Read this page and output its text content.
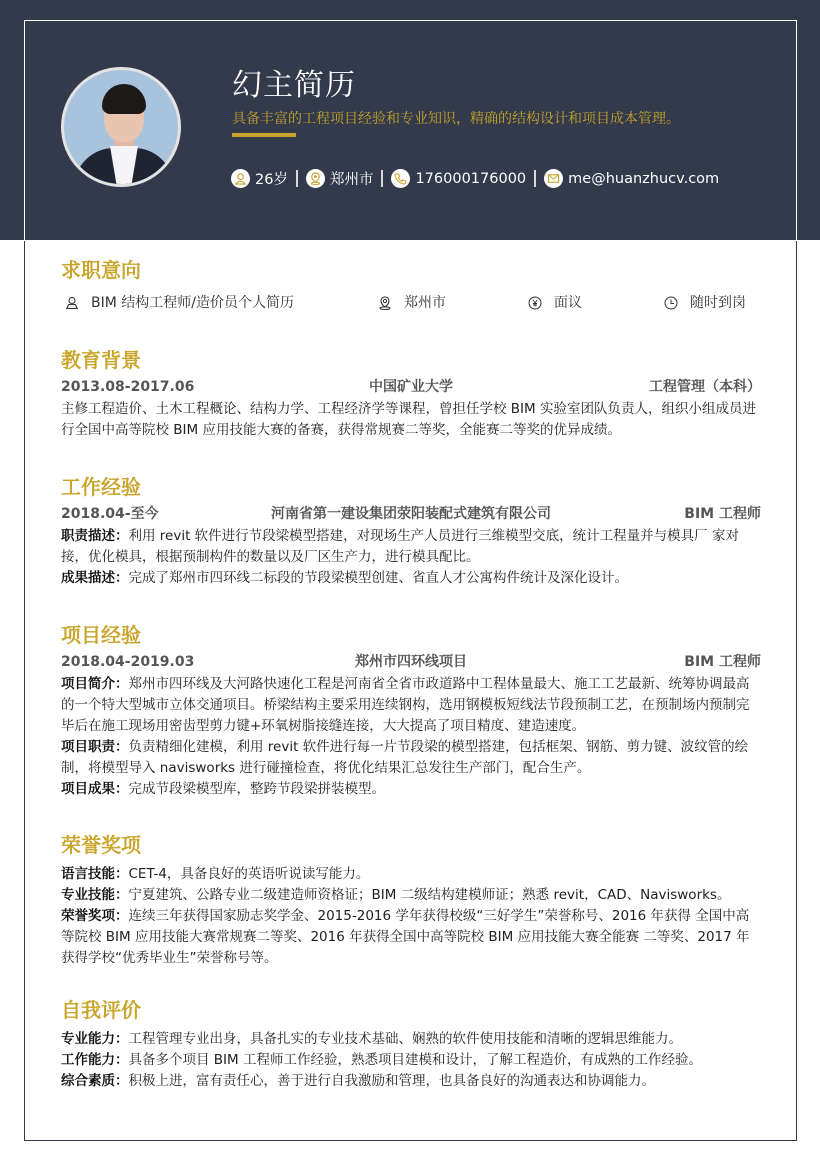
幻主简历
具备丰富的工程项目经验和专业知识，精确的结构设计和项目成本管理。
26岁	郑州市	176000176000	me@huanzhucv.com
求职意向
BIM 结构工程师/造价员个人简历	郑州市	面议	随时到岗
教育背景
2013.08-2017.06	中国矿业大学	工程管理（本科）
主修工程造价、土木工程概论、结构力学、工程经济学等课程，曾担任学校 BIM 实验室团队负责人，组织小组成员进行全国中高等院校 BIM 应用技能大赛的备赛，获得常规赛二等奖，全能赛二等奖的优异成绩。
工作经验
2018.04-至今	河南省第一建设集团荥阳装配式建筑有限公司	BIM 工程师
职责描述：利用 revit 软件进行节段梁模型搭建，对现场生产人员进行三维模型交底，统计工程量并与模具厂 家对接，优化模具，根据预制构件的数量以及厂区生产力，进行模具配比。
成果描述：完成了郑州市四环线二标段的节段梁模型创建、省直人才公寓构件统计及深化设计。
项目经验
2018.04-2019.03	郑州市四环线项目	BIM 工程师
项目简介：郑州市四环线及大河路快速化工程是河南省全省市政道路中工程体量最大、施工工艺最新、统筹协调最高的一个特大型城市立体交通项目。桥梁结构主要采用连续钢构，选用钢模板短线法节段预制工艺，在预制场内预制完毕后在施工现场用密齿型剪力键+环氧树脂接缝连接，大大提高了项目精度、建造速度。
项目职责：负责精细化建模，利用 revit 软件进行每一片节段梁的模型搭建，包括框架、钢筋、剪力键、波纹管的绘制，将模型导入 navisworks 进行碰撞检查，将优化结果汇总发往生产部门，配合生产。
项目成果：完成节段梁模型库，整跨节段梁拼装模型。
荣誉奖项
语言技能：CET-4，具备良好的英语听说读写能力。
专业技能：宁夏建筑、公路专业二级建造师资格证；BIM 二级结构建模师证；熟悉 revit，CAD、Navisworks。
荣誉奖项：连续三年获得国家励志奖学金、2015-2016 学年获得校级“三好学生”荣誉称号、2016 年获得 全国中高等院校 BIM 应用技能大赛常规赛二等奖、2016 年获得全国中高等院校 BIM 应用技能大赛全能赛 二等奖、2017 年获得学校“优秀毕业生”荣誉称号等。
自我评价
专业能力：工程管理专业出身，具备扎实的专业技术基础、娴熟的软件使用技能和清晰的逻辑思维能力。
工作能力：具备多个项目 BIM 工程师工作经验，熟悉项目建模和设计，了解工程造价，有成熟的工作经验。
综合素质：积极上进，富有责任心，善于进行自我激励和管理，也具备良好的沟通表达和协调能力。
